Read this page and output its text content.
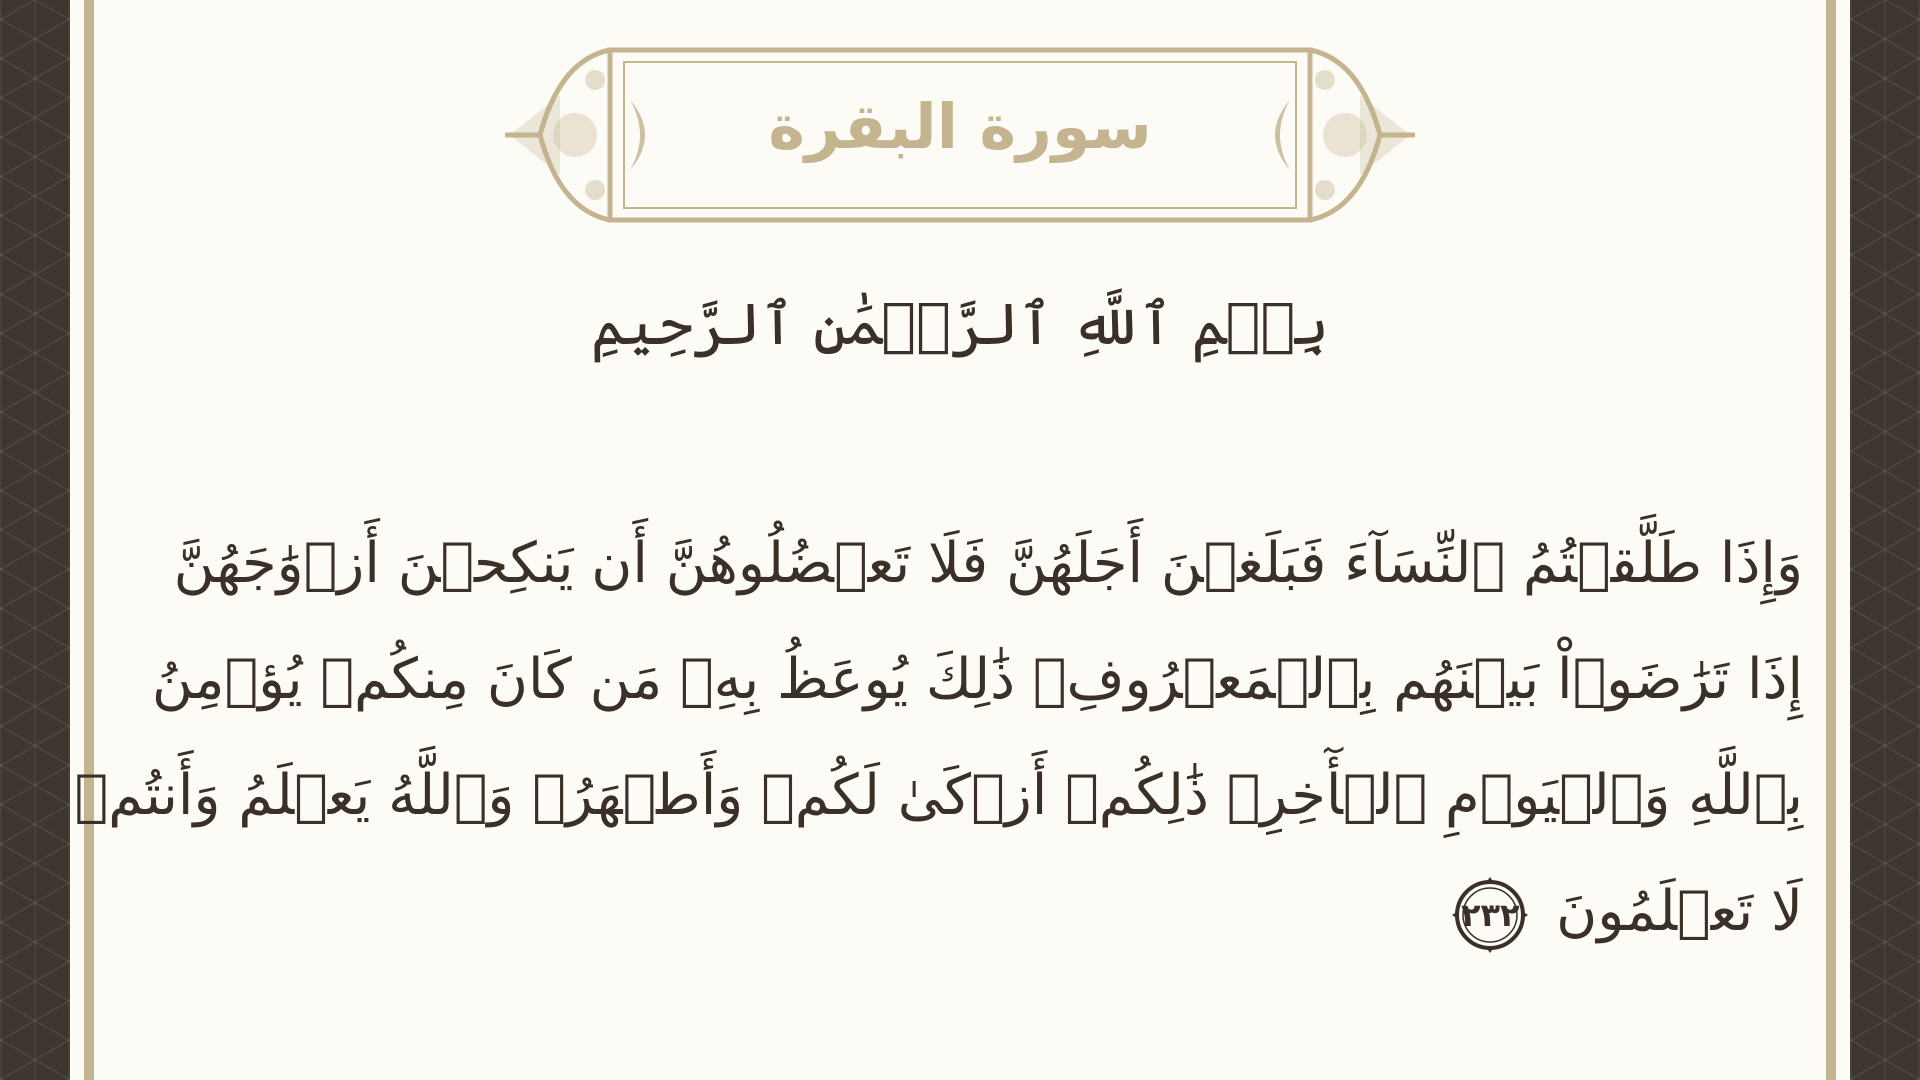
سورة البقرة
بِسۡمِ ٱللَّهِ ٱلرَّحۡمَٰنِ ٱلرَّحِيمِ
وَإِذَا طَلَّقۡتُمُ ٱلنِّسَآءَ فَبَلَغۡنَ أَجَلَهُنَّ فَلَا تَعۡضُلُوهُنَّ أَن يَنكِحۡنَ أَزۡوَٰجَهُنَّ
إِذَا تَرَٰضَوۡاْ بَيۡنَهُم بِٱلۡمَعۡرُوفِۗ ذَٰلِكَ يُوعَظُ بِهِۦ مَن كَانَ مِنكُمۡ يُؤۡمِنُ
بِٱللَّهِ وَٱلۡيَوۡمِ ٱلۡأٓخِرِۗ ذَٰلِكُمۡ أَزۡكَىٰ لَكُمۡ وَأَطۡهَرُۗ وَٱللَّهُ يَعۡلَمُ وَأَنتُمۡ
لَا تَعۡلَمُونَ
٢٣٢
